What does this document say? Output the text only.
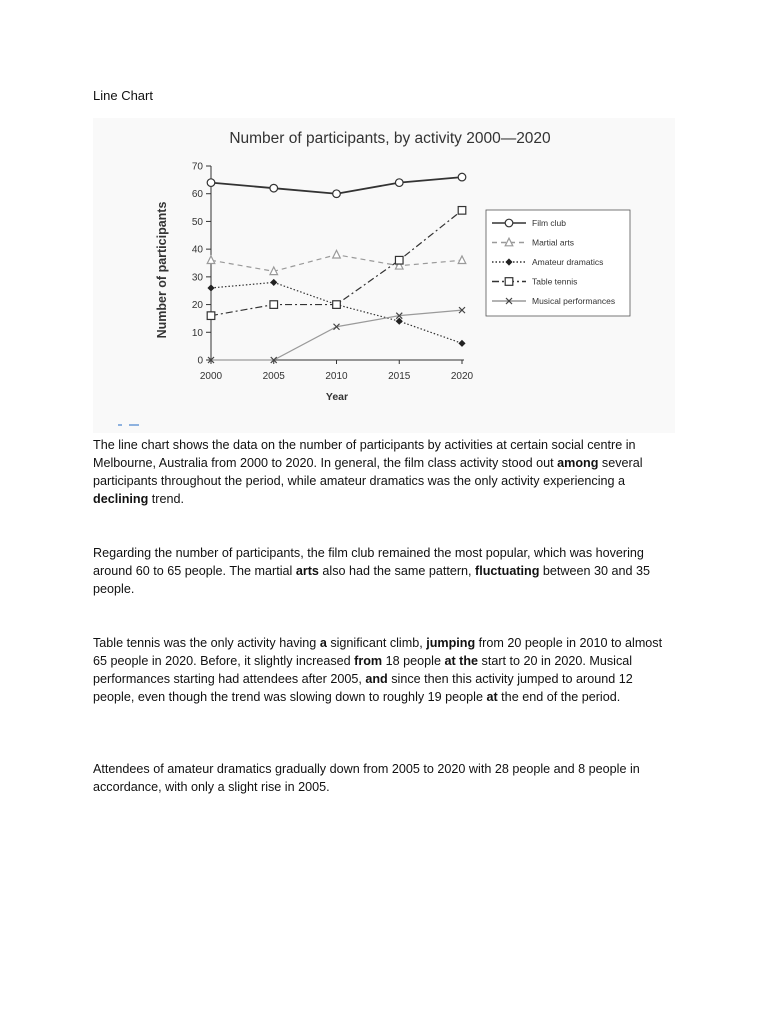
Line Chart
Number of participants, by activity 2000—2020
Number of participants
Year
0
10
20
30
40
50
60
70
2000	2005	2010	2015	2020
Film club
Martial arts
Amateur dramatics
Table tennis
Musical performances
The line chart shows the data on the number of participants by activities at certain social centre in Melbourne, Australia from 2000 to 2020. In general, the film class activity stood out among several participants throughout the period, while amateur dramatics was the only activity experiencing a declining trend.
Regarding the number of participants, the film club remained the most popular, which was hovering around 60 to 65 people. The martial arts also had the same pattern, fluctuating between 30 and 35 people.
Table tennis was the only activity having a significant climb, jumping from 20 people in 2010 to almost 65 people in 2020. Before, it slightly increased from 18 people at the start to 20 in 2020. Musical performances starting had attendees after 2005, and since then this activity jumped to around 12 people, even though the trend was slowing down to roughly 19 people at the end of the period.
Attendees of amateur dramatics gradually down from 2005 to 2020 with 28 people and 8 people in accordance, with only a slight rise in 2005.
